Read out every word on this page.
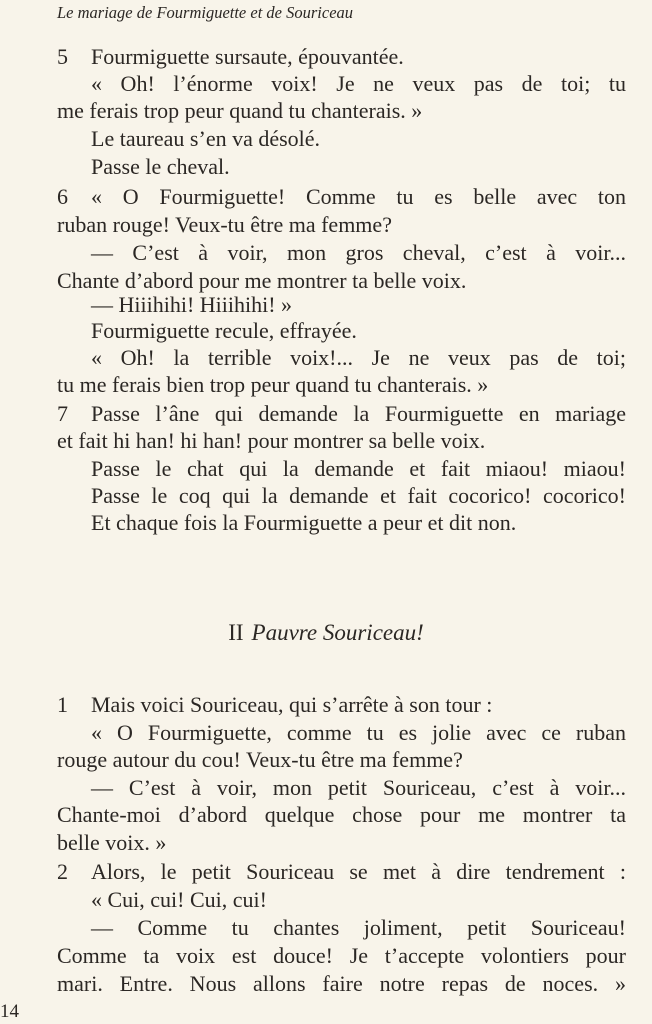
Le mariage de Fourmiguette et de Souriceau
5 Fourmiguette sursaute, épouvantée.
« Oh! l’énorme voix! Je ne veux pas de toi; tu
me ferais trop peur quand tu chanterais. »
Le taureau s’en va désolé.
Passe le cheval.
6 « O Fourmiguette! Comme tu es belle avec ton
ruban rouge! Veux-tu être ma femme?
— C’est à voir, mon gros cheval, c’est à voir...
Chante d’abord pour me montrer ta belle voix.
— Hiiihihi! Hiiihihi! »
Fourmiguette recule, effrayée.
« Oh! la terrible voix!... Je ne veux pas de toi;
tu me ferais bien trop peur quand tu chanterais. »
7 Passe l’âne qui demande la Fourmiguette en mariage
et fait hi han! hi han! pour montrer sa belle voix.
Passe le chat qui la demande et fait miaou! miaou!
Passe le coq qui la demande et fait cocorico! cocorico!
Et chaque fois la Fourmiguette a peur et dit non.
II Pauvre Souriceau!
1 Mais voici Souriceau, qui s’arrête à son tour :
« O Fourmiguette, comme tu es jolie avec ce ruban
rouge autour du cou! Veux-tu être ma femme?
— C’est à voir, mon petit Souriceau, c’est à voir...
Chante-moi d’abord quelque chose pour me montrer ta
belle voix. »
2 Alors, le petit Souriceau se met à dire tendrement :
« Cui, cui! Cui, cui!
— Comme tu chantes joliment, petit Souriceau!
Comme ta voix est douce! Je t’accepte volontiers pour
mari. Entre. Nous allons faire notre repas de noces. »
14
